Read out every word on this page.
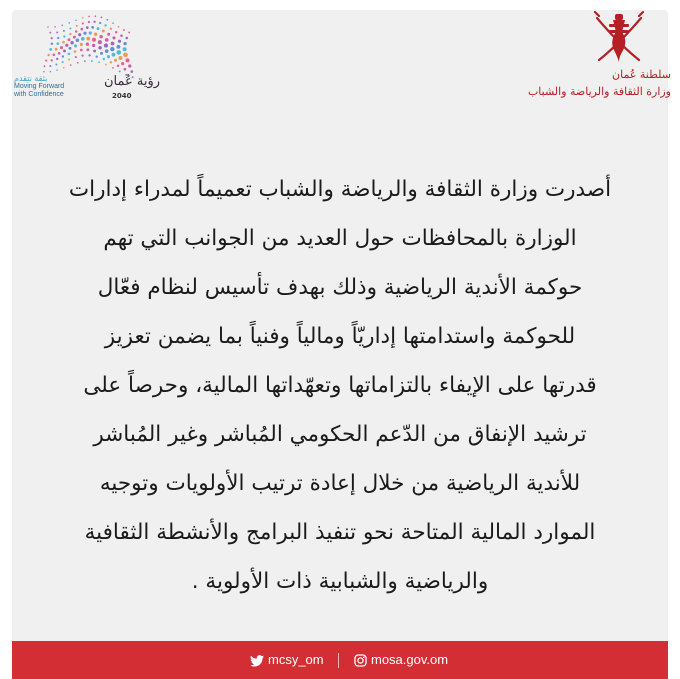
بثقة نتقدم
Moving Forward
with Confidence
رؤية عُمان
2040
سلطنة عُمان
وزارة الثقافة والرياضة والشباب
أصدرت وزارة الثقافة والرياضة والشباب تعميماً لمدراء إدارات
الوزارة بالمحافظات حول العديد من الجوانب التي تهم
حوكمة الأندية الرياضية وذلك بهدف تأسيس لنظام فعّال
للحوكمة واستدامتها إداريّاً ومالياً وفنياً بما يضمن تعزيز
قدرتها على الإيفاء بالتزاماتها وتعهّداتها المالية، وحرصاً على
ترشيد الإنفاق من الدّعم الحكومي المُباشر وغير المُباشر
للأندية الرياضية من خلال إعادة ترتيب الأولويات وتوجيه
الموارد المالية المتاحة نحو تنفيذ البرامج والأنشطة الثقافية
والرياضية والشبابية ذات الأولوية .
mcsy_om	mosa.gov.om
